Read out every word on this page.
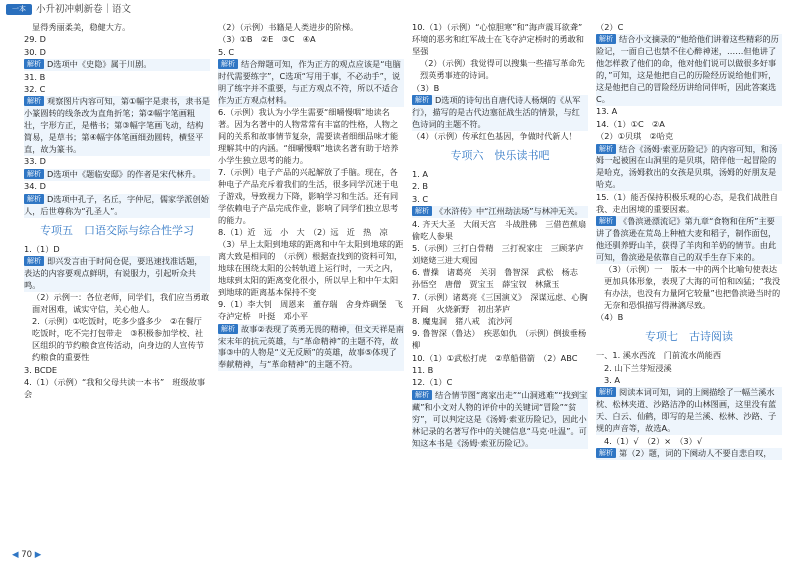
一本	小升初冲刺新卷｜语文
显得秀丽柔美，稳健大方。
29. D
30. D
解析 D选项中《史隐》属于川剧。
31. B
32. C
解析 观察图片内容可知，第①幅字是隶书，隶书是小篆圆转的线条改为直角折笔；第②幅字笔画粗壮，字形方正，是楷书；第③幅字笔画飞动，结构简易，是草书；第④幅字体笔画细劲圆转，横竖平直，故为篆书。
33. D
解析 D选项中《题临安邸》的作者是宋代林升。
34. D
解析 D选项中孔子，名丘，字仲尼，儒家学派创始人，后世尊称为“孔圣人”。
专项五　口语交际与综合性学习
1.（1）D
解析 即兴发言由于时间仓促，要迅速找准话题，表达的内容要观点鲜明，有说服力，引起听众共鸣。
（2）示例一：各位老师，同学们，我们应当勇敢面对困难，诚实守信，关心他人。
2.（示例）①吃饭时，吃多少盛多少　②在餐厅吃饭时，吃不完打包带走　③积极参加学校、社区组织的节约粮食宣传活动，向身边的人宣传节约粮食的重要性
3. BCDE
4.（1）（示例）“我和父母共读一本书”　班级故事会
（2）（示例）书籍是人类进步的阶梯。
（3）①B　②E　③C　④A
5. C
解析 结合辩题可知，作为正方的观点应该是“电脑时代需要练字”，C选项“写用于事，不必动手”，说明了练字并不重要，与正方观点不符，所以不适合作为正方观点材料。
6.（示例）我认为小学生需要“细嚼慢咽”地读名著。因为名著中的人物常常有丰富的性格，人物之间的关系和故事情节复杂，需要读者细细品味才能理解其中的内涵。“细嚼慢咽”地读名著有助于培养小学生独立思考的能力。
7.（示例）电子产品的兴起解放了手脑。现在，各种电子产品充斥着我们的生活，很多同学沉迷于电子游戏，导致视力下降，影响学习和生活。还有同学依赖电子产品完成作业，影响了同学们独立思考的能力。
8.（1）近　远　小　大　（2）远　近　热　凉　（3）早上太阳到地球的距离和中午太阳到地球的距离大致是相同的　（示例）根据查找到的资料可知，地球在围绕太阳的公转轨道上运行时，一天之内，地球到太阳的距离变化很小，所以早上和中午太阳到地球的距离基本保持不变
9.（1）李大钊　周恩来　董存瑞　舍身炸碉堡　飞夺泸定桥　叶挺　邓小平
解析 故事②表现了英勇无畏的精神，但文天祥是南宋末年的抗元英雄，与“革命精神”的主题不符，故事③中的人物是“义无反顾”的英雄，故事⑤体现了奉献精神，与“革命精神”的主题不符。
10.（1）（示例）“心惊胆寒”和“海声震耳欲聋”　环境的恶劣和红军战士在飞夺泸定桥时的勇敢和坚强
（2）（示例）我觉得可以搜集一些描写革命先烈英勇事迹的诗词。
（3）B
解析 D选项的诗句出自唐代诗人杨炯的《从军行》，描写的是古代边塞征战生活的情景，与红色诗词的主题不符。
（4）（示例）传承红色基因，争做时代新人！
专项六　快乐读书吧
1. A
2. B
3. C
解析 《水浒传》中“江州劫法场”与林冲无关。
4. 齐天大圣　大闹天宫　斗战胜佛　三借芭蕉扇　偷吃人参果
5.（示例）三打白骨精　三打祝家庄　三顾茅庐　刘姥姥三进大观园
6. 曹操　诸葛亮　关羽　鲁智深　武松　杨志　孙悟空　唐僧　贾宝玉　薛宝钗　林黛玉
7.（示例）诸葛亮《三国演义》　深谋远虑、心胸开阔　火烧新野　初出茅庐
8. 魔鬼洞　猪八戒　流沙河
9. 鲁智深（鲁达）　疾恶如仇　（示例）倒拔垂杨柳
10.（1）①武松打虎　②草船借箭　（2）ABC
11. B
12.（1）C
解析 结合情节图“离家出走”“山洞逃难”“找到宝藏”和小文对人物的评价中的关键词“冒险”“贫穷”，可以判定这是《汤姆·索亚历险记》，因此小林记录的名著写作中的关键信息“马克·吐温”。可知这本书是《汤姆·索亚历险记》。
（2）C
解析 结合小文摘录的“他给他们讲着这些精彩的历险记，一面自己也禁不住心醉神迷，……但他讲了他怎样救了他们的命，他对他们说可以做很多好事的，”可知，这是他把自己的历险经历说给他们听，这是他把自己的冒险经历讲给同伴听，因此答案选C。
13. A
14.（1）①C　②A
（2）①贝琪　②哈克
解析 结合《汤姆·索亚历险记》的内容可知，和汤姆一起被困在山洞里的是贝琪，陪伴他一起冒险的是哈克，汤姆救出的女孩是贝琪，汤姆的好朋友是哈克。
15.（1）能否保持积极乐观的心态，是我们战胜自我、走出困境的重要因素。
解析 《鲁滨逊漂流记》第九章“食物和住所”主要讲了鲁滨逊在荒岛上种植大麦和稻子，制作面包，他还驯养野山羊，获得了羊肉和羊奶的情节。由此可知，鲁滨逊是依靠自己的双手生存下来的。
（3）（示例）一　版本一中的两个比喻句使表达更加具体形象，表现了大海的可怕和凶猛；“我没有办法，也没有力量阿它较量”也把鲁滨逊当时的无奈和恐惧描写得淋漓尽致。
（4）B
专项七　古诗阅读
一、1. 溪水西流　门前流水尚能西
2. 山下兰芽短浸溪
3. A
解析 阅读本词可知，词的上阕描绘了一幅兰溪水枕、松林夹道、沙路洁净的山林图画，这里没有蓝天、白云、仙鹤，即写的是兰溪、松林、沙路、子规的声音等，故选A。
4.（1）√　（2）×　（3）√
解析 第（2）题，词的下阕动人不要自悲自叹，
◀ 70 ▶
